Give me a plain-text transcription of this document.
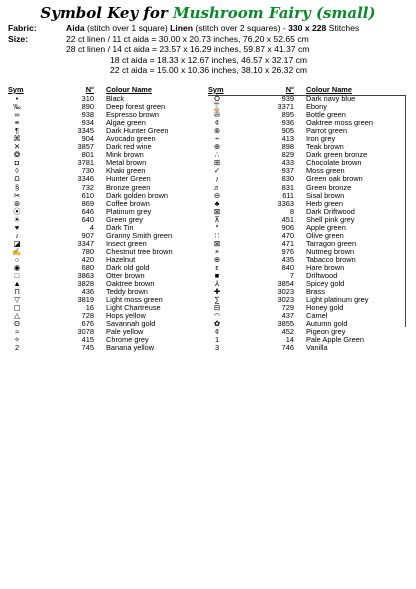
Symbol Key for Mushroom Fairy (small)
Fabric:	Aida (stitch over 1 square) Linen (stitch over 2 squares) - 330 x 228 Stitches
Size:	22 ct linen / 11 ct aida = 30.00 x 20.73 inches, 76.20 x 52.65 cm
28 ct linen / 14 ct aida = 23.57 x 16.29 inches, 59.87 x 41.37 cm
18 ct aida = 18.33 x 12.67 inches, 46.57 x 32.17 cm
22 ct aida = 15.00 x 10.36 inches, 38.10 x 26.32 cm
Sym	N°	Colour Name
•	310	Black
‰	890	Deep forest green
∞	938	Espresso brown
≡	934	Algae green
¶	3345	Dark Hunter Green
⌘	904	Avocado green
✕	3857	Dark red wine
❂	801	Mink brown
◘	3781	Metal brown
◊	730	Khaki green
Ω	3346	Hunter Green
§	732	Bronze green
✂	610	Dark golden brown
⊛	869	Coffee brown
⦿	646	Platinum grey
☀	640	Green grey
♥	4	Dark Tin
♪	907	Granny Smith green
◪	3347	Insect green
✍	780	Chestnut tree brown
○	420	Hazelnut
◉	680	Dark old gold
□	3863	Otter brown
▲	3828	Oaktree brown
⊓	436	Teddy brown
▽	3819	Light moss green
▢	16	Light Chartreuse
△	728	Hops yellow
ʘ	676	Savannah gold
≈	3078	Pale yellow
✧	415	Chrome grey
2	745	Banana yellow
Sym	N°	Colour Name
Ö	939	Dark navy blue
⌛	3371	Ebony
✇	895	Bottle green
¢	936	Oaktree moss green
⊗	905	Parrot green
÷	413	Iron grey
⊕	898	Teak brown
∴	829	Dark green bronze
⊞	433	Chocolate brown
✓	937	Moss green
♪	830	Green oak brown
♬	831	Green bronze
⊖	611	Sisal brown
♣	3363	Herb green
⊠	8	Dark Driftwood
⊼	451	Shell pink grey
❛	906	Apple green
∷	470	Olive green
⊠	471	Tarragon green
×	976	Nutmeg brown
⊕	435	Tabacco brown
ε	840	Hare brown
■	7	Driftwood
⅄	3854	Spicey gold
✚	3023	Brass
∑	3023	Light platinum grey
⊟	729	Honey gold
◠	437	Camel
✿	3855	Autumn gold
¢	452	Pigeon grey
1	14	Pale Apple Green
3	746	Vanilla
